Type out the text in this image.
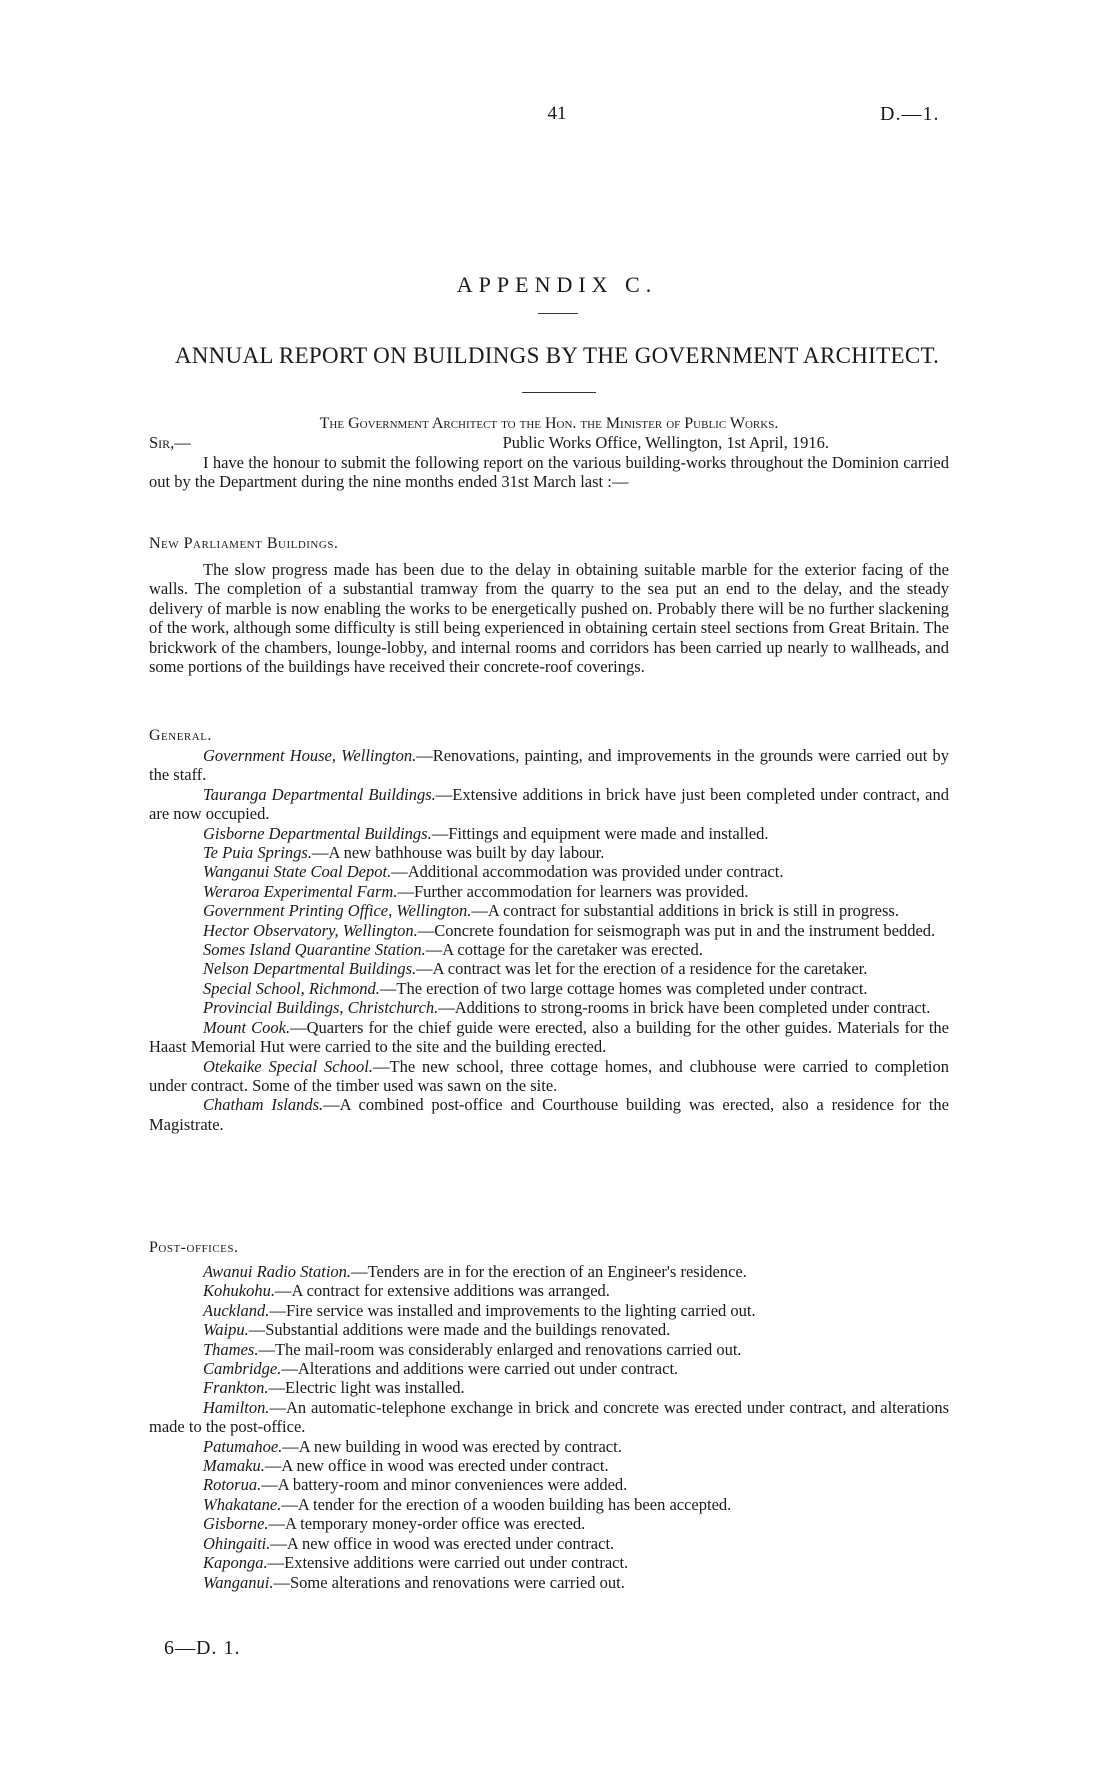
41	D.—1.
APPENDIX C.
ANNUAL REPORT ON BUILDINGS BY THE GOVERNMENT ARCHITECT.

The Government Architect to the Hon. the Minister of Public Works.

Sir,—	Public Works Office, Wellington, 1st April, 1916.

I have the honour to submit the following report on the various building-works throughout the Dominion carried out by the Department during the nine months ended 31st March last :—

New Parliament Buildings.

The slow progress made has been due to the delay in obtaining suitable marble for the exterior facing of the walls. The completion of a substantial tramway from the quarry to the sea put an end to the delay, and the steady delivery of marble is now enabling the works to be energetically pushed on. Probably there will be no further slackening of the work, although some difficulty is still being experienced in obtaining certain steel sections from Great Britain. The brickwork of the chambers, lounge-lobby, and internal rooms and corridors has been carried up nearly to wallheads, and some portions of the buildings have received their concrete-roof coverings.

General.

Government House, Wellington.—Renovations, painting, and improvements in the grounds were carried out by the staff.

Tauranga Departmental Buildings.—Extensive additions in brick have just been completed under contract, and are now occupied.

Gisborne Departmental Buildings.—Fittings and equipment were made and installed.

Te Puia Springs.—A new bathhouse was built by day labour.

Wanganui State Coal Depot.—Additional accommodation was provided under contract.

Weraroa Experimental Farm.—Further accommodation for learners was provided.

Government Printing Office, Wellington.—A contract for substantial additions in brick is still in progress.

Hector Observatory, Wellington.—Concrete foundation for seismograph was put in and the instrument bedded.

Somes Island Quarantine Station.—A cottage for the caretaker was erected.

Nelson Departmental Buildings.—A contract was let for the erection of a residence for the caretaker.

Special School, Richmond.—The erection of two large cottage homes was completed under contract.

Provincial Buildings, Christchurch.—Additions to strong-rooms in brick have been completed under contract.

Mount Cook.—Quarters for the chief guide were erected, also a building for the other guides. Materials for the Haast Memorial Hut were carried to the site and the building erected.

Otekaike Special School.—The new school, three cottage homes, and clubhouse were carried to completion under contract. Some of the timber used was sawn on the site.

Chatham Islands.—A combined post-office and Courthouse building was erected, also a residence for the Magistrate.

Post-offices.

Awanui Radio Station.—Tenders are in for the erection of an Engineer's residence.

Kohukohu.—A contract for extensive additions was arranged.

Auckland.—Fire service was installed and improvements to the lighting carried out.

Waipu.—Substantial additions were made and the buildings renovated.

Thames.—The mail-room was considerably enlarged and renovations carried out.

Cambridge.—Alterations and additions were carried out under contract.

Frankton.—Electric light was installed.

Hamilton.—An automatic-telephone exchange in brick and concrete was erected under contract, and alterations made to the post-office.

Patumahoe.—A new building in wood was erected by contract.

Mamaku.—A new office in wood was erected under contract.

Rotorua.—A battery-room and minor conveniences were added.

Whakatane.—A tender for the erection of a wooden building has been accepted.

Gisborne.—A temporary money-order office was erected.

Ohingaiti.—A new office in wood was erected under contract.

Kaponga.—Extensive additions were carried out under contract.

Wanganui.—Some alterations and renovations were carried out.

6—D. 1.
